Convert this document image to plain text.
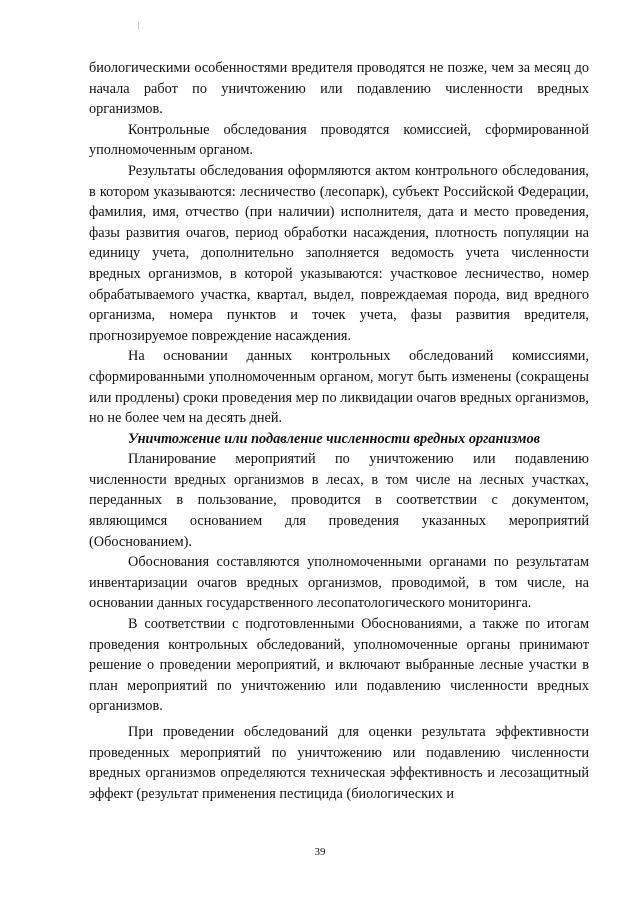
биологическими особенностями вредителя проводятся не позже, чем за месяц до начала работ по уничтожению или подавлению численности вредных организмов.

Контрольные обследования проводятся комиссией, сформированной уполномоченным органом.

Результаты обследования оформляются актом контрольного обследования, в котором указываются: лесничество (лесопарк), субъект Российской Федерации, фамилия, имя, отчество (при наличии) исполнителя, дата и место проведения, фазы развития очагов, период обработки насаждения, плотность популяции на единицу учета, дополнительно заполняется ведомость учета численности вредных организмов, в которой указываются: участковое лесничество, номер обрабатываемого участка, квартал, выдел, повреждаемая порода, вид вредного организма, номера пунктов и точек учета, фазы развития вредителя, прогнозируемое повреждение насаждения.

На основании данных контрольных обследований комиссиями, сформированными уполномоченным органом, могут быть изменены (сокращены или продлены) сроки проведения мер по ликвидации очагов вредных организмов, но не более чем на десять дней.

Уничтожение или подавление численности вредных организмов

Планирование мероприятий по уничтожению или подавлению численности вредных организмов в лесах, в том числе на лесных участках, переданных в пользование, проводится в соответствии с документом, являющимся основанием для проведения указанных мероприятий (Обоснованием).

Обоснования составляются уполномоченными органами по результатам инвентаризации очагов вредных организмов, проводимой, в том числе, на основании данных государственного лесопатологического мониторинга.

В соответствии с подготовленными Обоснованиями, а также по итогам проведения контрольных обследований, уполномоченные органы принимают решение о проведении мероприятий, и включают выбранные лесные участки в план мероприятий по уничтожению или подавлению численности вредных организмов.

При проведении обследований для оценки результата эффективности проведенных мероприятий по уничтожению или подавлению численности вредных организмов определяются техническая эффективность и лесозащитный эффект (результат применения пестицида (биологических и

39
